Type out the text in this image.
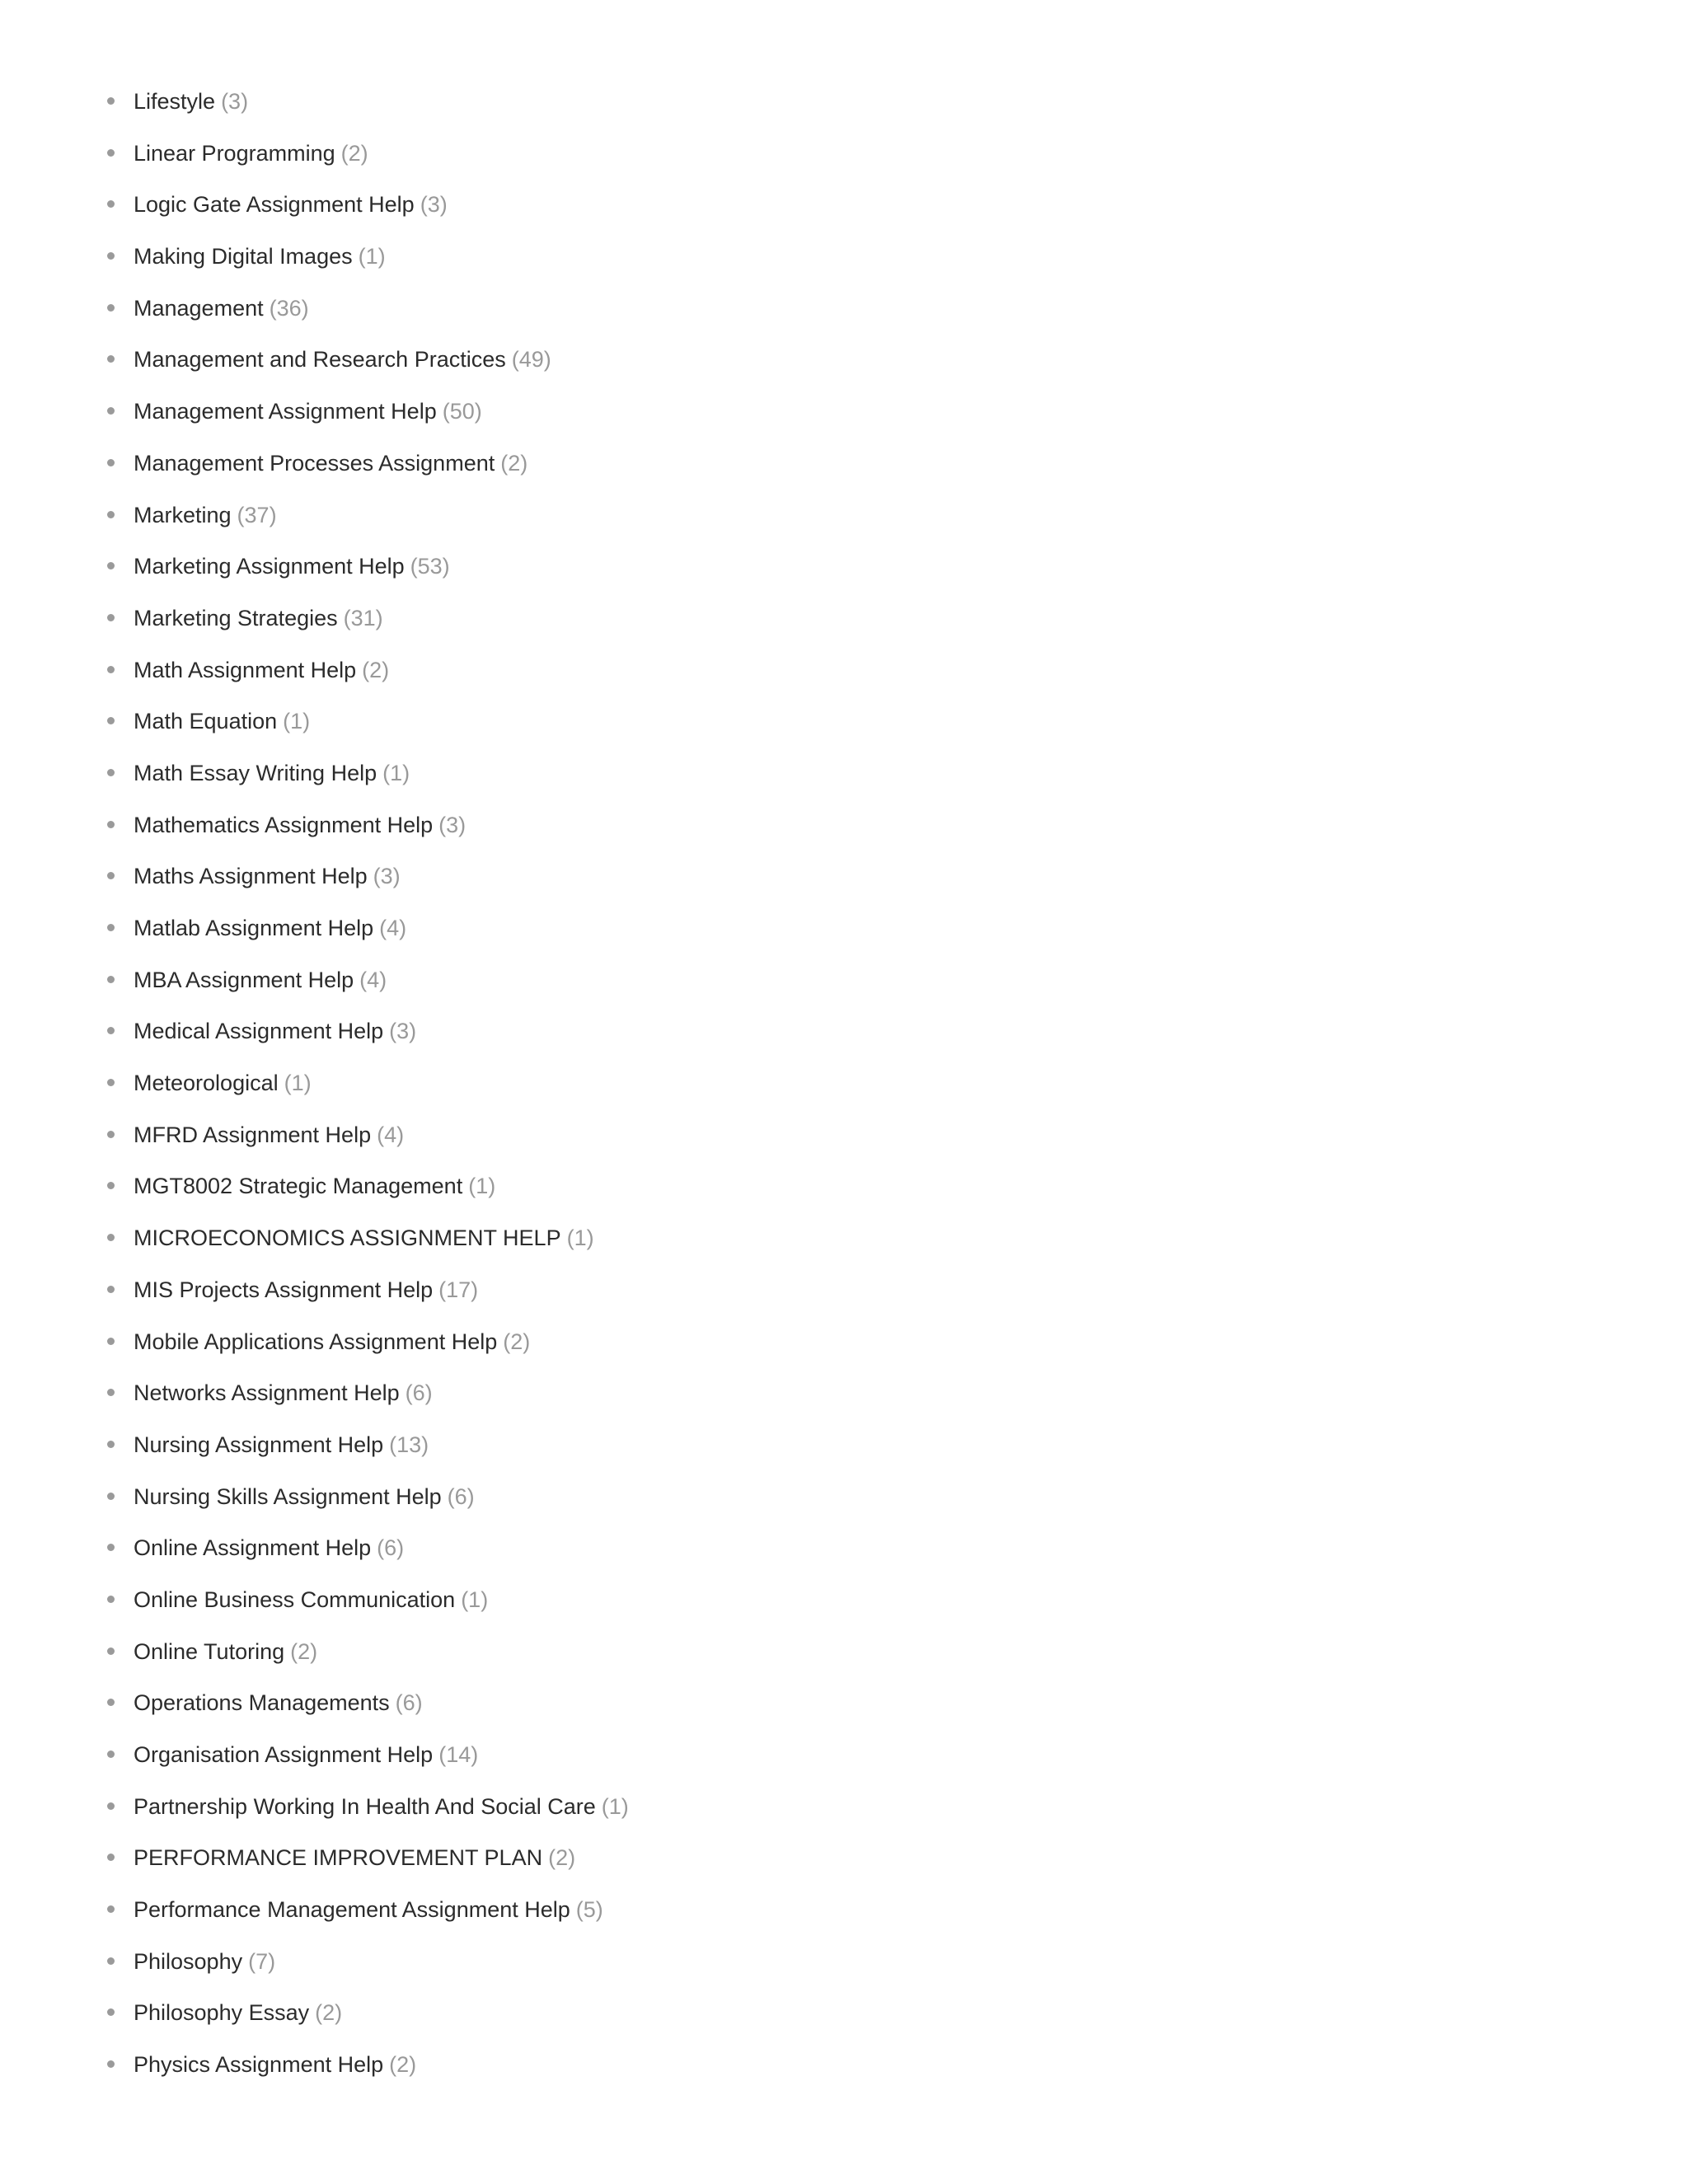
Lifestyle (3)
Linear Programming (2)
Logic Gate Assignment Help (3)
Making Digital Images (1)
Management (36)
Management and Research Practices (49)
Management Assignment Help (50)
Management Processes Assignment (2)
Marketing (37)
Marketing Assignment Help (53)
Marketing Strategies (31)
Math Assignment Help (2)
Math Equation (1)
Math Essay Writing Help (1)
Mathematics Assignment Help (3)
Maths Assignment Help (3)
Matlab Assignment Help (4)
MBA Assignment Help (4)
Medical Assignment Help (3)
Meteorological (1)
MFRD Assignment Help (4)
MGT8002 Strategic Management (1)
MICROECONOMICS ASSIGNMENT HELP (1)
MIS Projects Assignment Help (17)
Mobile Applications Assignment Help (2)
Networks Assignment Help (6)
Nursing Assignment Help (13)
Nursing Skills Assignment Help (6)
Online Assignment Help (6)
Online Business Communication (1)
Online Tutoring (2)
Operations Managements (6)
Organisation Assignment Help (14)
Partnership Working In Health And Social Care (1)
PERFORMANCE IMPROVEMENT PLAN (2)
Performance Management Assignment Help (5)
Philosophy (7)
Philosophy Essay (2)
Physics Assignment Help (2)
